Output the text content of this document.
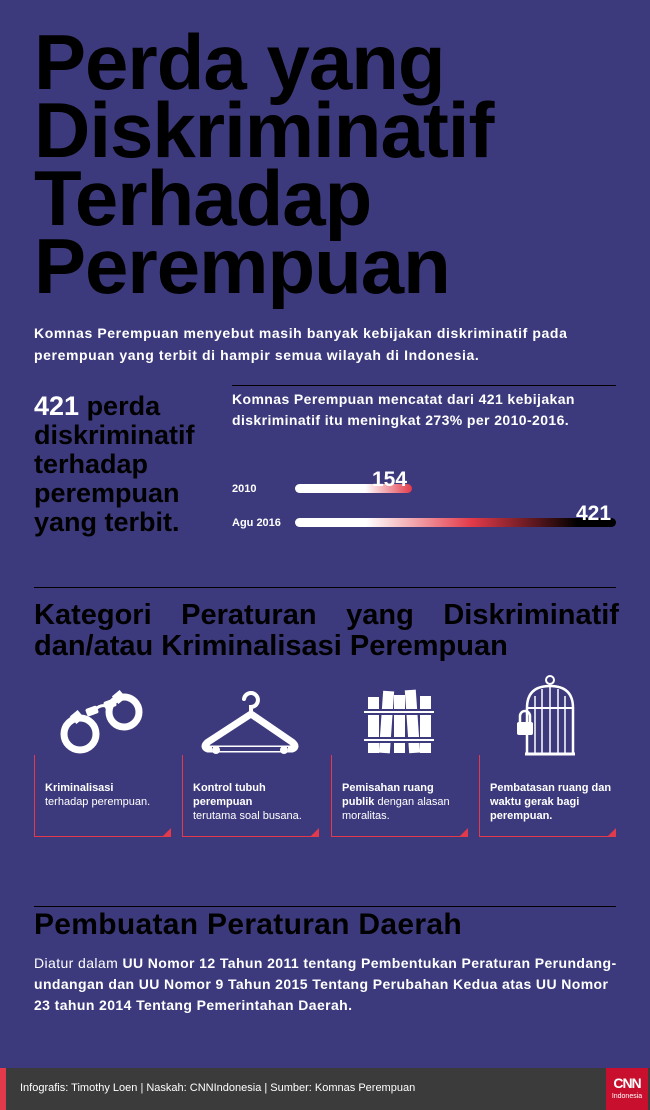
Perda yang
Diskriminatif
Terhadap
Perempuan

Komnas Perempuan menyebut masih banyak kebijakan diskriminatif pada perempuan yang terbit di hampir semua wilayah di Indonesia.

421 perda diskriminatif terhadap perempuan yang terbit.

Komnas Perempuan mencatat dari 421 kebijakan diskriminatif itu meningkat 273% per 2010-2016.

2010	154
Agu 2016	421
Kategori Peraturan yang Diskriminatif
dan/atau Kriminalisasi Perempuan
Kriminalisasi
terhadap perempuan.
Kontrol tubuh perempuan
terutama soal busana.
Pemisahan ruang publik dengan alasan moralitas.
Pembatasan ruang dan waktu gerak bagi perempuan.
Pembuatan Peraturan Daerah

Diatur dalam UU Nomor 12 Tahun 2011 tentang Pembentukan Peraturan Perundang-undangan dan UU Nomor 9 Tahun 2015 Tentang Perubahan Kedua atas UU Nomor 23 tahun 2014 Tentang Pemerintahan Daerah.

Infografis: Timothy Loen | Naskah: CNNIndonesia | Sumber: Komnas Perempuan	CNN
Indonesia
